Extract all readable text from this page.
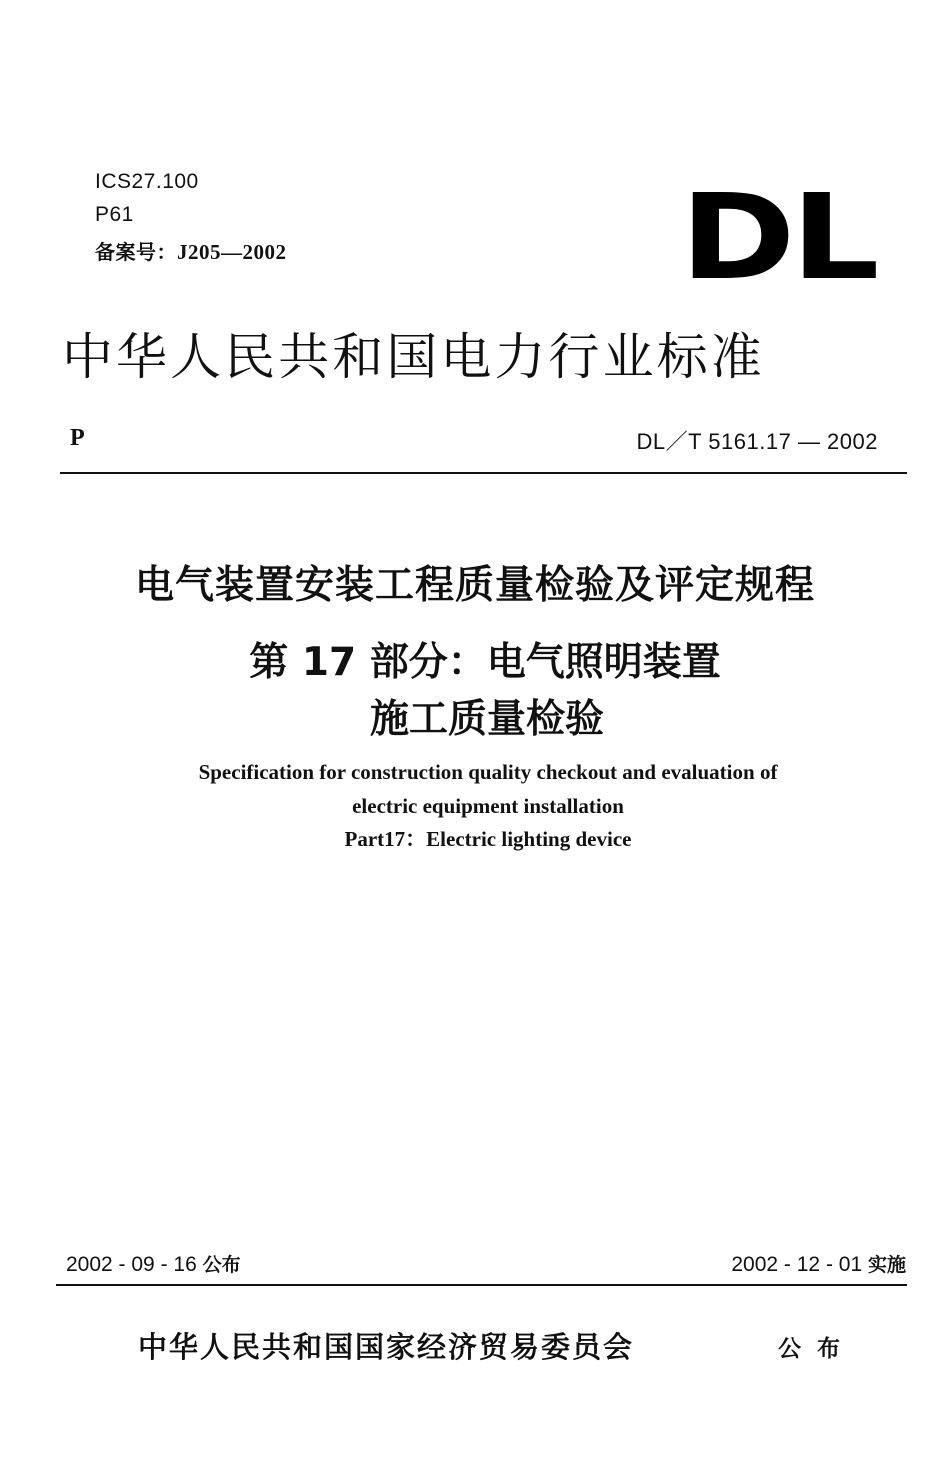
ICS27.100
P61
备案号：J205—2002	DL
中华人民共和国电力行业标准
P	DL／T 5161.17 — 2002
电气装置安装工程质量检验及评定规程
第 17 部分：电气照明装置
施工质量检验
Specification for construction quality checkout and evaluation of
electric equipment installation
Part17：Electric lighting device
2002 - 09 - 16 公布	2002 - 12 - 01 实施
中华人民共和国国家经济贸易委员会	公布
